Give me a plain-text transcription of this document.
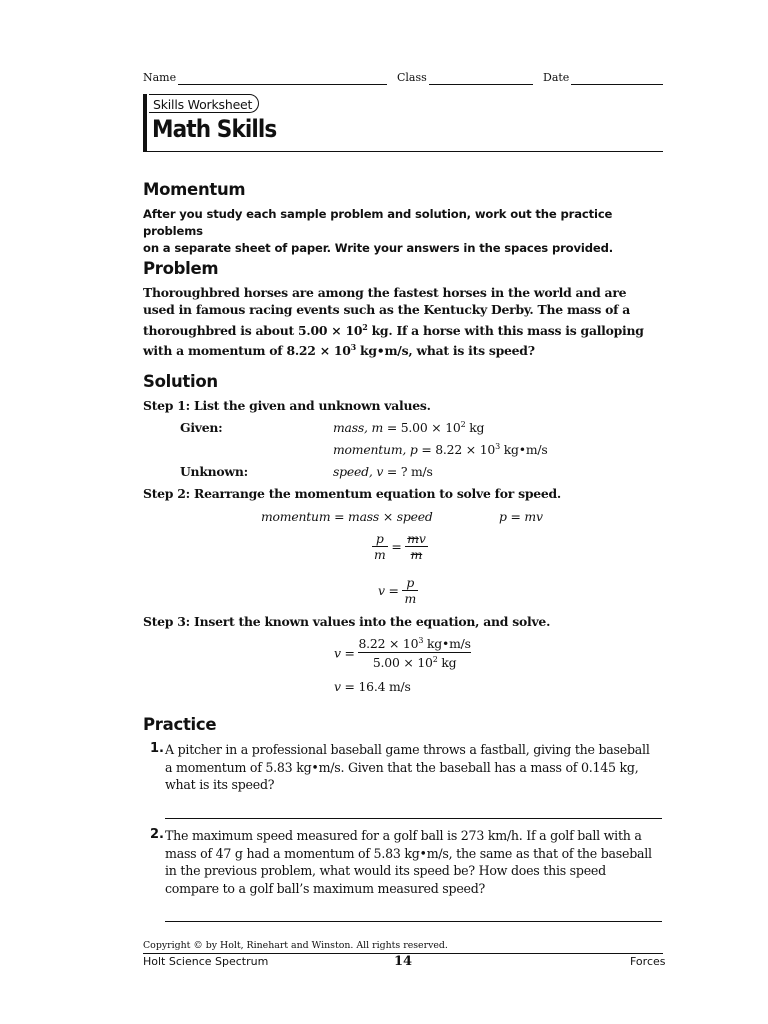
Name	Class	Date
Skills Worksheet
Math Skills
Momentum
After you study each sample problem and solution, work out the practice problems
on a separate sheet of paper. Write your answers in the spaces provided.
Problem
Thoroughbred horses are among the fastest horses in the world and are
used in famous racing events such as the Kentucky Derby. The mass of a
thoroughbred is about $5.00 \times 10^2$ kg. If a horse with this mass is galloping
with a momentum of $8.22 \times 10^3$ kg•m/s, what is its speed?
Solution
Step 1: List the given and unknown values.
Given:	mass, $m = 5.00 \times 10^2$ kg
momentum, $p = 8.22 \times 10^3$ kg•m/s
Unknown:	speed, v = ? m/s
Step 2: Rearrange the momentum equation to solve for speed.
momentum = mass × speed	p = mv
$\frac{p}{m} = \frac{mv}{m}$
$v = \frac{p}{m}$
Step 3: Insert the known values into the equation, and solve.
$v = \frac{8.22 \times 10^3 kg•m/s}{5.00 \times 10^2 kg}$
v = 16.4 m/s
Practice
1. A pitcher in a professional baseball game throws a fastball, giving the baseball
a momentum of 5.83 kg•m/s. Given that the baseball has a mass of 0.145 kg,
what is its speed?
2. The maximum speed measured for a golf ball is 273 km/h. If a golf ball with a
mass of 47 g had a momentum of 5.83 kg•m/s, the same as that of the baseball
in the previous problem, what would its speed be? How does this speed
compare to a golf ball’s maximum measured speed?
Copyright © by Holt, Rinehart and Winston. All rights reserved.
Holt Science Spectrum	14	Forces
